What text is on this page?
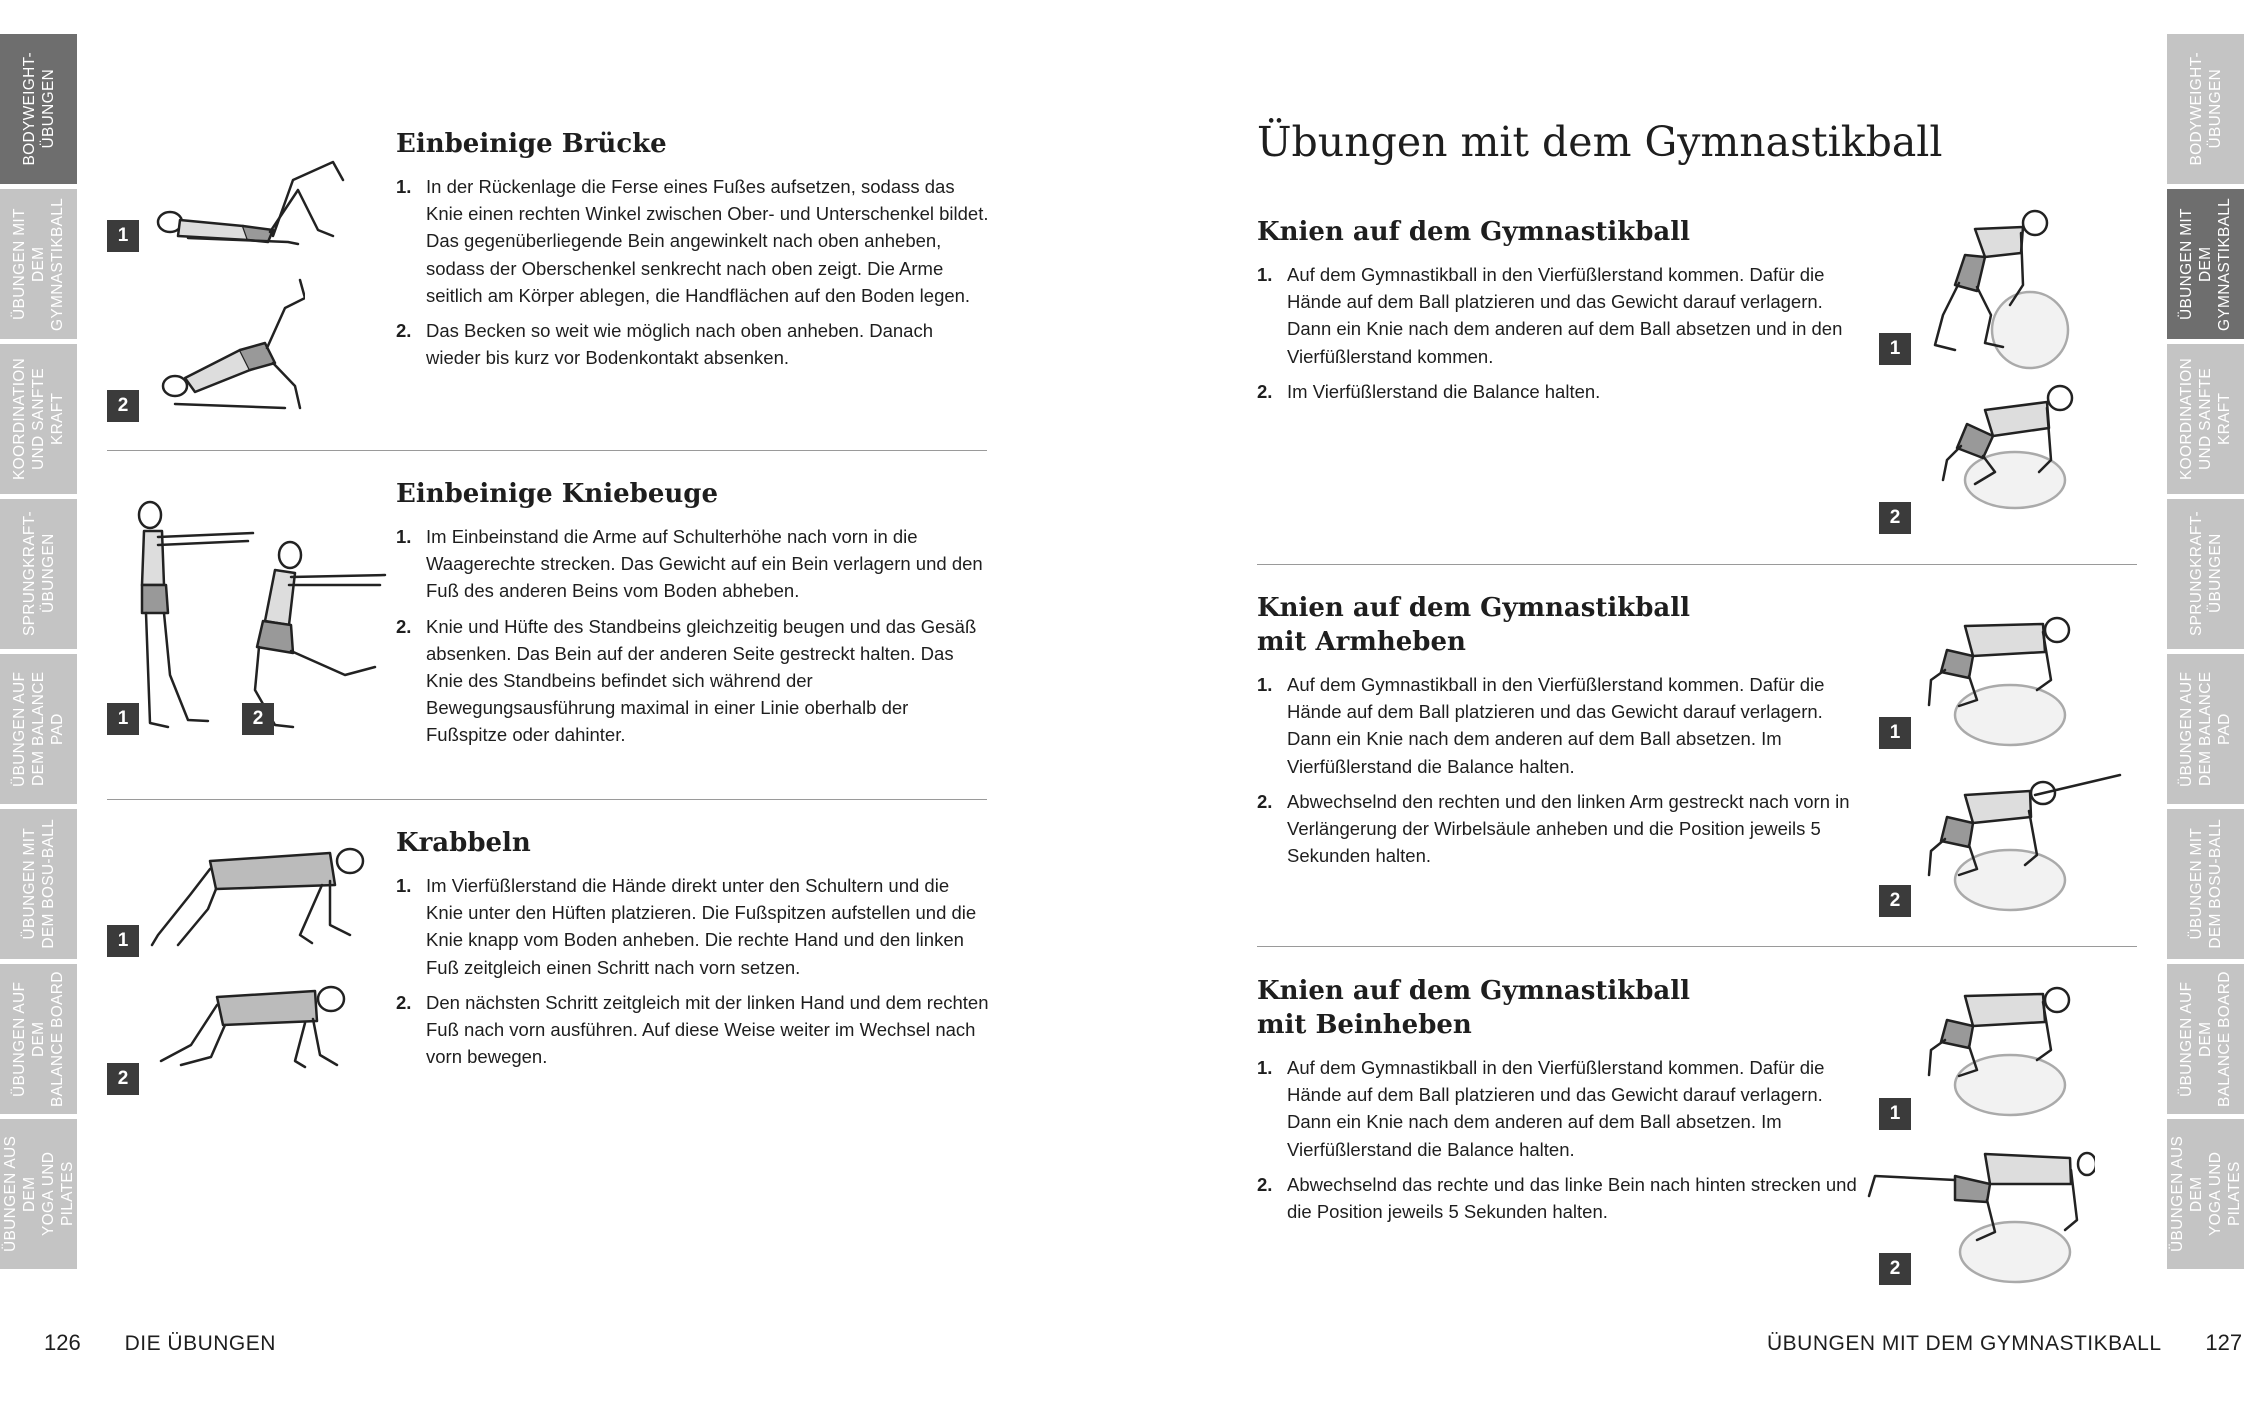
BODYWEIGHT-
ÜBUNGEN
ÜBUNGEN MIT DEM
GYMNASTIKBALL
KOORDINATION
UND SANFTE KRAFT
SPRUNGKRAFT-
ÜBUNGEN
ÜBUNGEN AUF
DEM BALANCE PAD
ÜBUNGEN MIT
DEM BOSU-BALL
ÜBUNGEN AUF DEM
BALANCE BOARD
ÜBUNGEN AUS DEM
YOGA UND PILATES
BODYWEIGHT-
ÜBUNGEN
ÜBUNGEN MIT DEM
GYMNASTIKBALL
KOORDINATION
UND SANFTE KRAFT
SPRUNGKRAFT-
ÜBUNGEN
ÜBUNGEN AUF
DEM BALANCE PAD
ÜBUNGEN MIT
DEM BOSU-BALL
ÜBUNGEN AUF DEM
BALANCE BOARD
ÜBUNGEN AUS DEM
YOGA UND PILATES
1
2
Einbeinige Brücke
1. In der Rückenlage die Ferse eines Fußes aufsetzen, sodass das Knie einen rechten Winkel zwischen Ober- und Unterschenkel bildet. Das gegenüberliegende Bein angewinkelt nach oben anheben, sodass der Oberschenkel senkrecht nach oben zeigt. Die Arme seitlich am Körper ablegen, die Handflächen auf den Boden legen.
2. Das Becken so weit wie möglich nach oben anheben. Danach wieder bis kurz vor Bodenkontakt absenken.
1	2
Einbeinige Kniebeuge
1. Im Einbeinstand die Arme auf Schulterhöhe nach vorn in die Waagerechte strecken. Das Gewicht auf ein Bein verlagern und den Fuß des anderen Beins vom Boden abheben.
2. Knie und Hüfte des Standbeins gleichzeitig beugen und das Gesäß absenken. Das Bein auf der anderen Seite gestreckt halten. Das Knie des Standbeins befindet sich während der Bewegungsausführung maximal in einer Linie oberhalb der Fußspitze oder dahinter.
1
2
Krabbeln
1. Im Vierfüßlerstand die Hände direkt unter den Schultern und die Knie unter den Hüften platzieren. Die Fußspitzen aufstellen und die Knie knapp vom Boden anheben. Die rechte Hand und den linken Fuß zeitgleich einen Schritt nach vorn setzen.
2. Den nächsten Schritt zeitgleich mit der linken Hand und dem rechten Fuß nach vorn ausführen. Auf diese Weise weiter im Wechsel nach vorn bewegen.
126 DIE ÜBUNGEN
Übungen mit dem Gymnastikball
Knien auf dem Gymnastikball
1. Auf dem Gymnastikball in den Vierfüßlerstand kommen. Dafür die Hände auf dem Ball platzieren und das Gewicht darauf verlagern. Dann ein Knie nach dem anderen auf dem Ball absetzen und in den Vierfüßlerstand kommen.
2. Im Vierfüßlerstand die Balance halten.
1
2
Knien auf dem Gymnastikball
mit Armheben
1. Auf dem Gymnastikball in den Vierfüßlerstand kommen. Dafür die Hände auf dem Ball platzieren und das Gewicht darauf verlagern. Dann ein Knie nach dem anderen auf dem Ball absetzen. Im Vierfüßlerstand die Balance halten.
2. Abwechselnd den rechten und den linken Arm gestreckt nach vorn in Verlängerung der Wirbelsäule anheben und die Position jeweils 5 Sekunden halten.
1
2
Knien auf dem Gymnastikball
mit Beinheben
1. Auf dem Gymnastikball in den Vierfüßlerstand kommen. Dafür die Hände auf dem Ball platzieren und das Gewicht darauf verlagern. Dann ein Knie nach dem anderen auf dem Ball absetzen. Im Vierfüßlerstand die Balance halten.
2. Abwechselnd das rechte und das linke Bein nach hinten strecken und die Position jeweils 5 Sekunden halten.
1
2
ÜBUNGEN MIT DEM GYMNASTIKBALL 127
